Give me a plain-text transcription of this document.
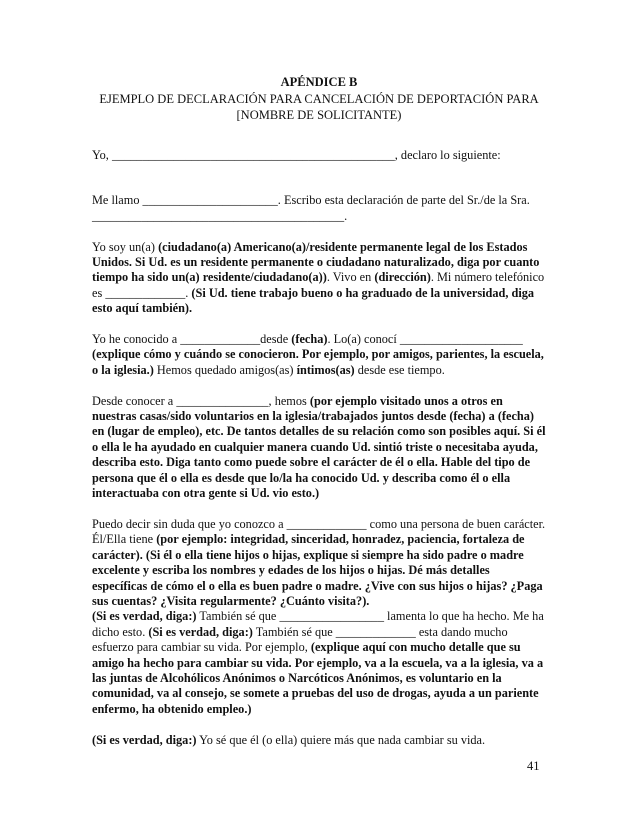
APÉNDICE B
EJEMPLO DE DECLARACIÓN PARA CANCELACIÓN DE DEPORTACIÓN PARA
[NOMBRE DE SOLICITANTE)

Yo, ______________________________________________, declaro lo siguiente:

Me llamo ______________________. Escribo esta declaración de parte del Sr./de la Sra. _________________________________________.

Yo soy un(a) (ciudadano(a) Americano(a)/residente permanente legal de los Estados Unidos. Si Ud. es un residente permanente o ciudadano naturalizado, diga por cuanto tiempo ha sido un(a) residente/ciudadano(a)). Vivo en (dirección). Mi número telefónico es _____________. (Si Ud. tiene trabajo bueno o ha graduado de la universidad, diga esto aquí también).

Yo he conocido a _____________desde (fecha). Lo(a) conocí ____________________ (explique cómo y cuándo se conocieron. Por ejemplo, por amigos, parientes, la escuela, o la iglesia.) Hemos quedado amigos(as) íntimos(as) desde ese tiempo.

Desde conocer a _______________, hemos (por ejemplo visitado unos a otros en nuestras casas/sido voluntarios en la iglesia/trabajados juntos desde (fecha) a (fecha) en (lugar de empleo), etc. De tantos detalles de su relación como son posibles aquí. Si él o ella le ha ayudado en cualquier manera cuando Ud. sintió triste o necesitaba ayuda, describa esto. Diga tanto como puede sobre el carácter de él o ella. Hable del tipo de persona que él o ella es desde que lo/la ha conocido Ud. y describa como él o ella interactuaba con otra gente si Ud. vio esto.)

Puedo decir sin duda que yo conozco a _____________ como una persona de buen carácter. Él/Ella tiene (por ejemplo: integridad, sinceridad, honradez, paciencia, fortaleza de carácter). (Si él o ella tiene hijos o hijas, explique si siempre ha sido padre o madre excelente y escriba los nombres y edades de los hijos o hijas. Dé más detalles específicas de cómo el o ella es buen padre o madre. ¿Vive con sus hijos o hijas? ¿Paga sus cuentas? ¿Visita regularmente? ¿Cuánto visita?).
(Si es verdad, diga:) También sé que _________________ lamenta lo que ha hecho. Me ha dicho esto. (Si es verdad, diga:) También sé que _____________ esta dando mucho esfuerzo para cambiar su vida. Por ejemplo, (explique aquí con mucho detalle que su amigo ha hecho para cambiar su vida. Por ejemplo, va a la escuela, va a la iglesia, va a las juntas de Alcohólicos Anónimos o Narcóticos Anónimos, es voluntario en la comunidad, va al consejo, se somete a pruebas del uso de drogas, ayuda a un pariente enfermo, ha obtenido empleo.)

(Si es verdad, diga:) Yo sé que él (o ella) quiere más que nada cambiar su vida.

41
